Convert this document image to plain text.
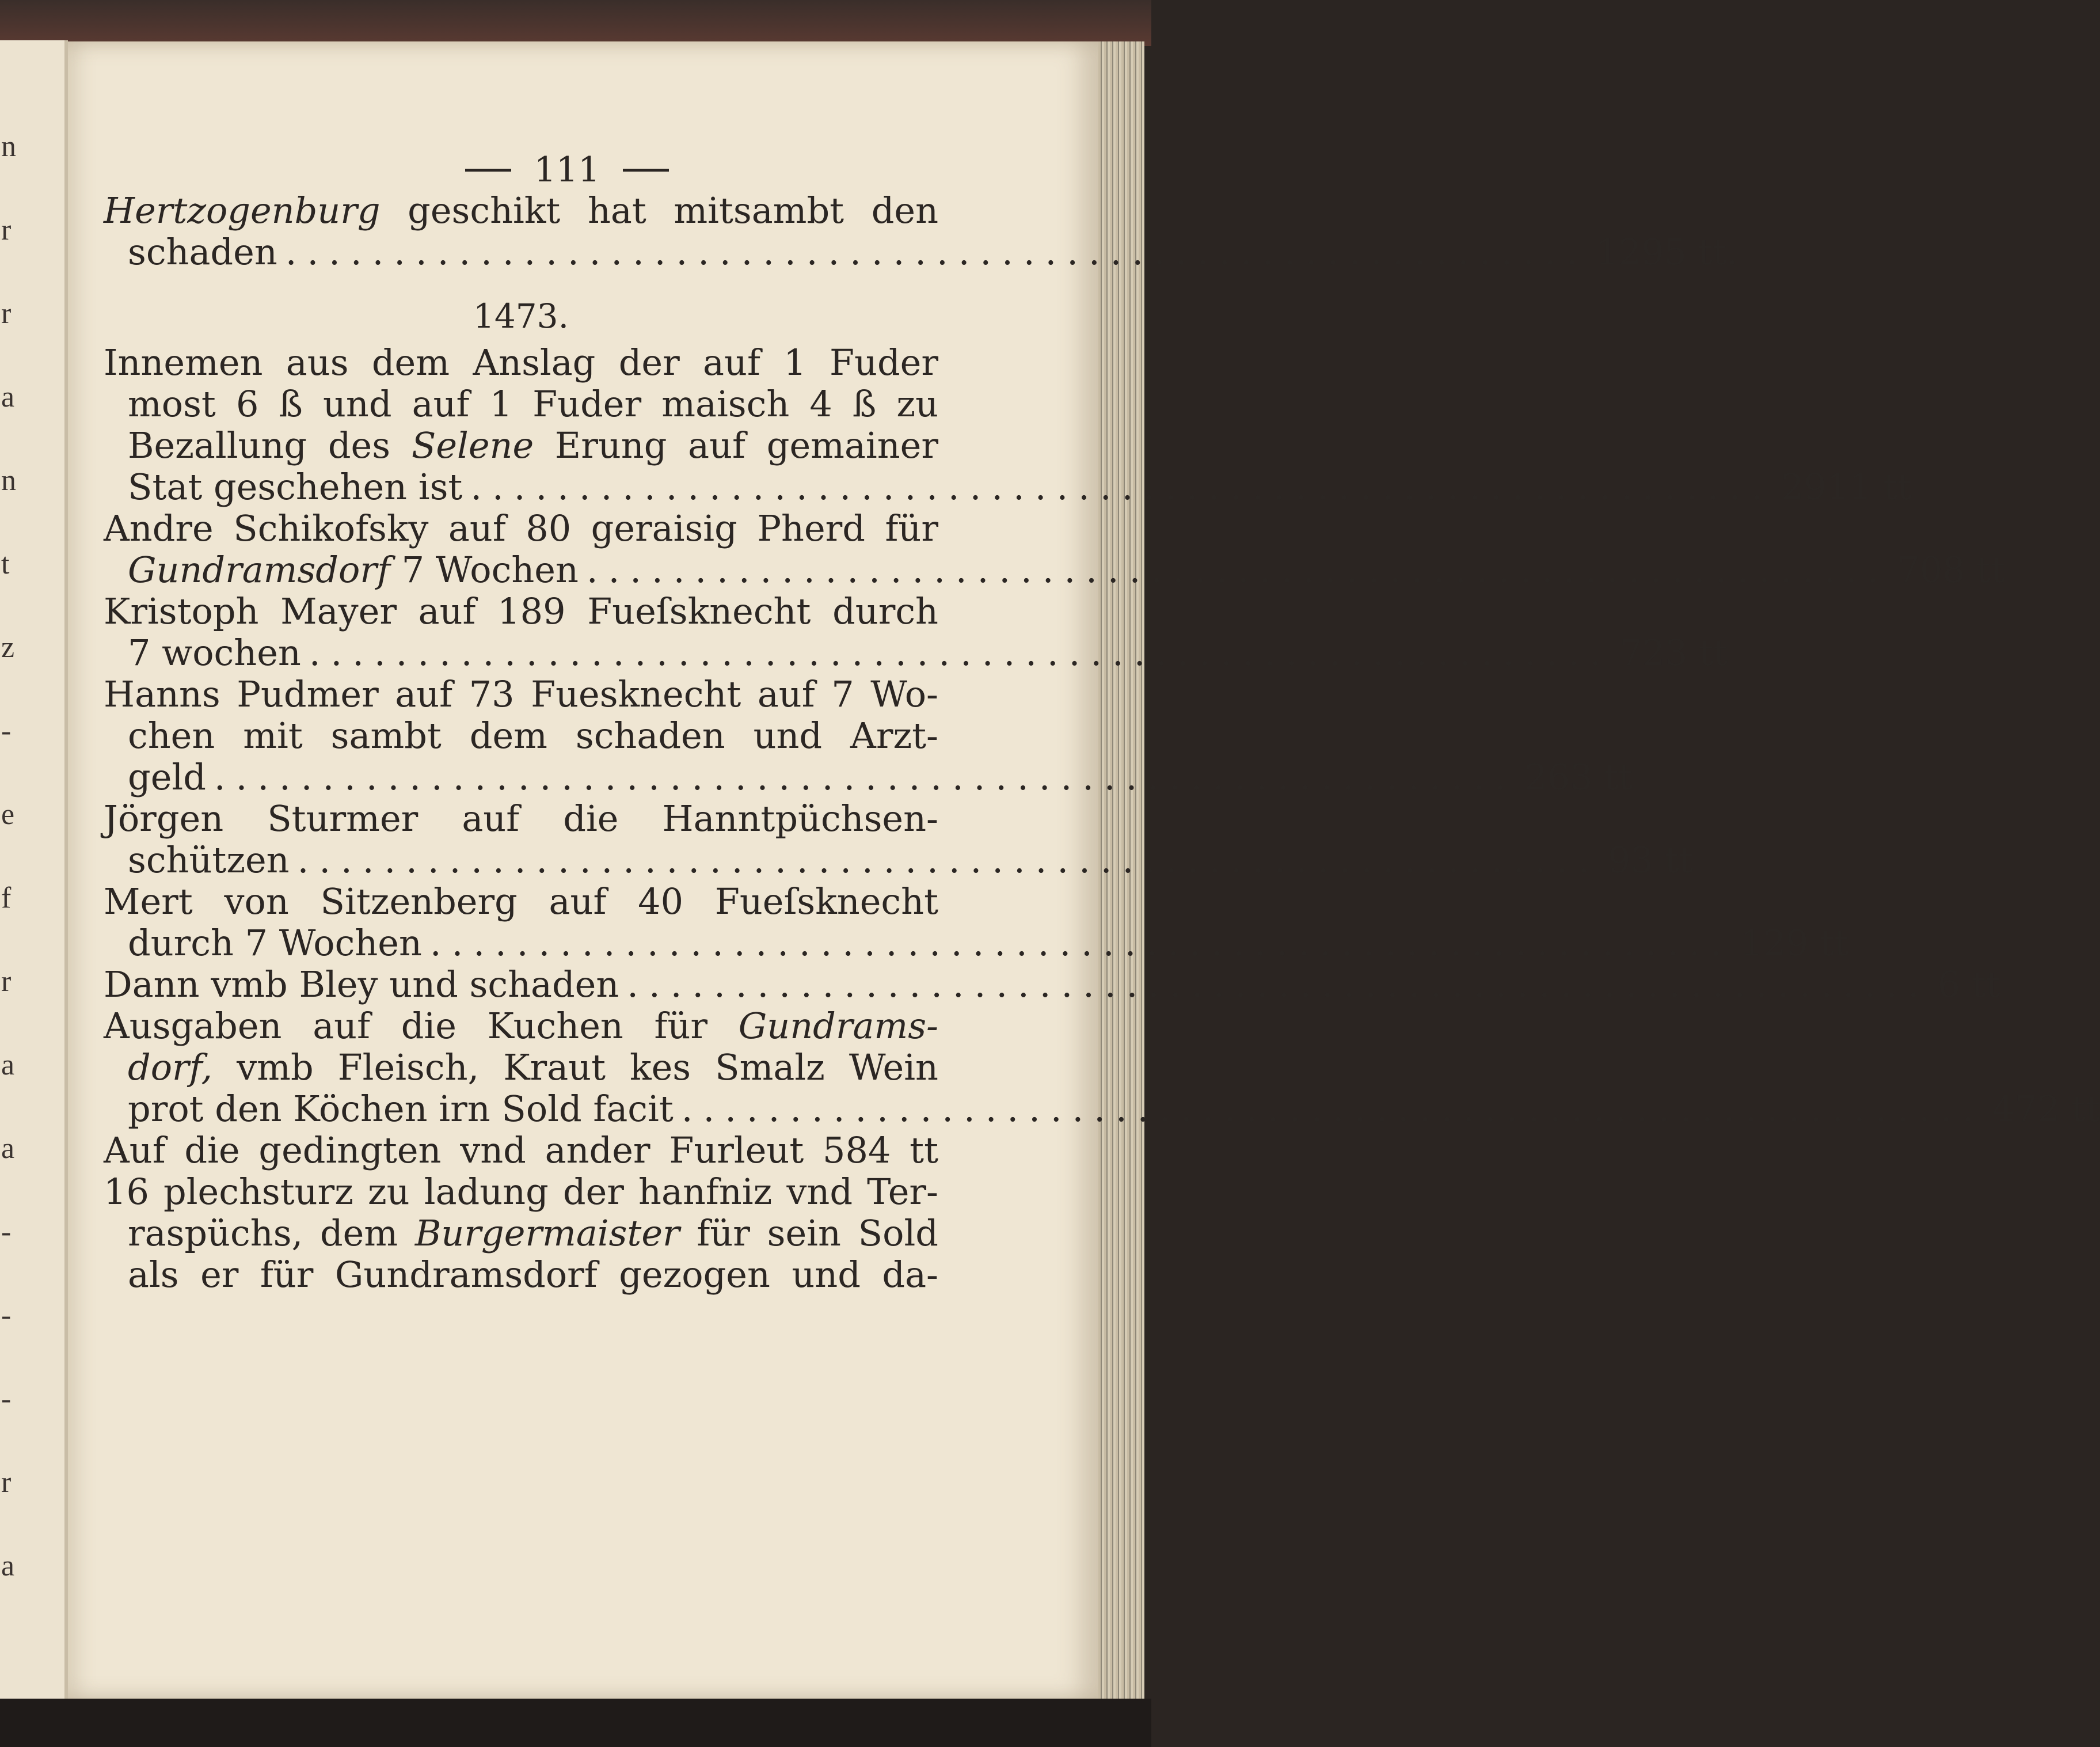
n
r
r
a
n
t
z
-
e
f
r
a
a
-
-
-
r
a
111
Hertzogenburg geschikt hat mitsambt den
schaden ............................................................ 1295 tt.
1473.
Innemen aus dem Anslag der auf 1 Fuder
most 6 ß und auf 1 Fuder maisch 4 ß zu
Bezallung des Selene Erung auf gemainer
Stat geschehen ist ............................................................ 2911 tt
Andre Schikofsky auf 80 geraisig Pherd für
Gundramsdorf 7 Wochen ............................................................ 708 tt
Kristoph Mayer auf 189 Fueſsknecht durch
7 wochen ............................................................ 723 tt
Hanns Pudmer auf 73 Fuesknecht auf 7 Wo-
chen mit sambt dem schaden und Arzt-
geld ............................................................ 263 tt
Jörgen Sturmer auf die Hanntpüchsen-
schützen ............................................................ 93 tt
Mert von Sitzenberg auf 40 Fueſsknecht
durch 7 Wochen ............................................................ 129 tt
Dann vmb Bley und schaden ............................................................ 6 tt
Ausgaben auf die Kuchen für Gundrams-
dorf, vmb Fleisch, Kraut kes Smalz Wein
prot den Köchen irn Sold facit ............................................................ 472 tt
Auf die gedingten vnd ander Furleut 584 tt
16 plechsturz zu ladung der hanfniz vnd Ter-
raspüchs, dem Burgermaister für sein Sold
als er für Gundramsdorf gezogen und da-
